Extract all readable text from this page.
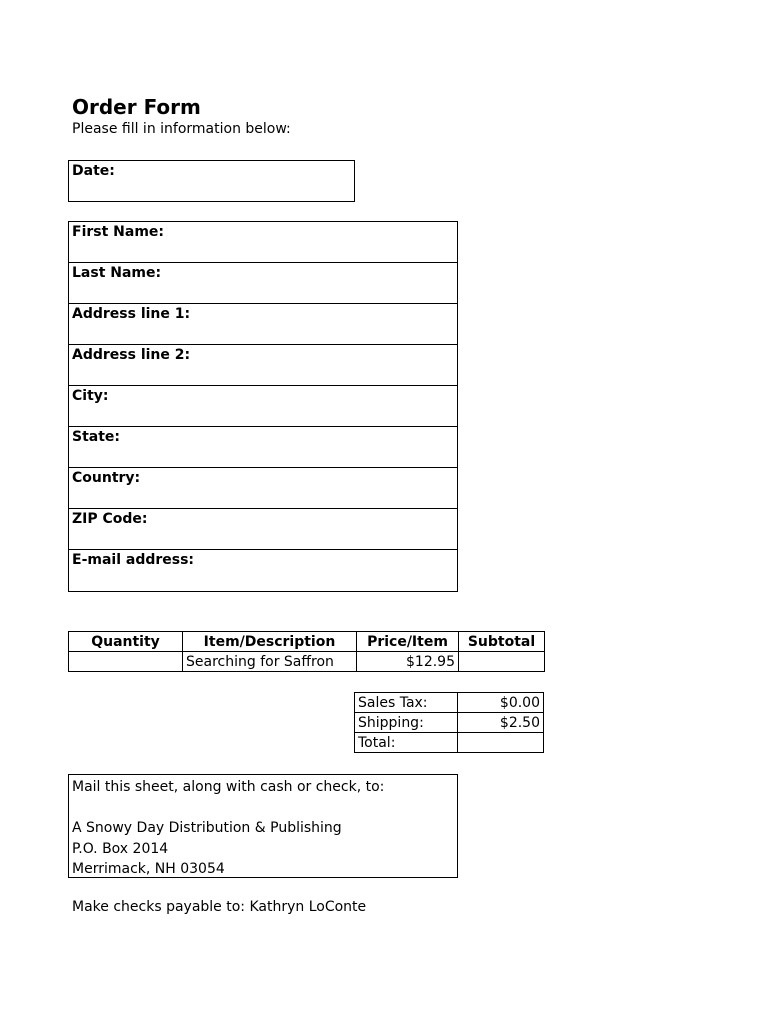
Order Form
Please fill in information below:
Date:
First Name:
Last Name:
Address line 1:
Address line 2:
City:
State:
Country:
ZIP Code:
E-mail address:
Quantity	Item/Description	Price/Item	Subtotal
	Searching for Saffron	$12.95	
Sales Tax:	$0.00
Shipping:	$2.50
Total:	
Mail this sheet, along with cash or check, to:
A Snowy Day Distribution & Publishing
P.O. Box 2014
Merrimack, NH 03054
Make checks payable to: Kathryn LoConte
